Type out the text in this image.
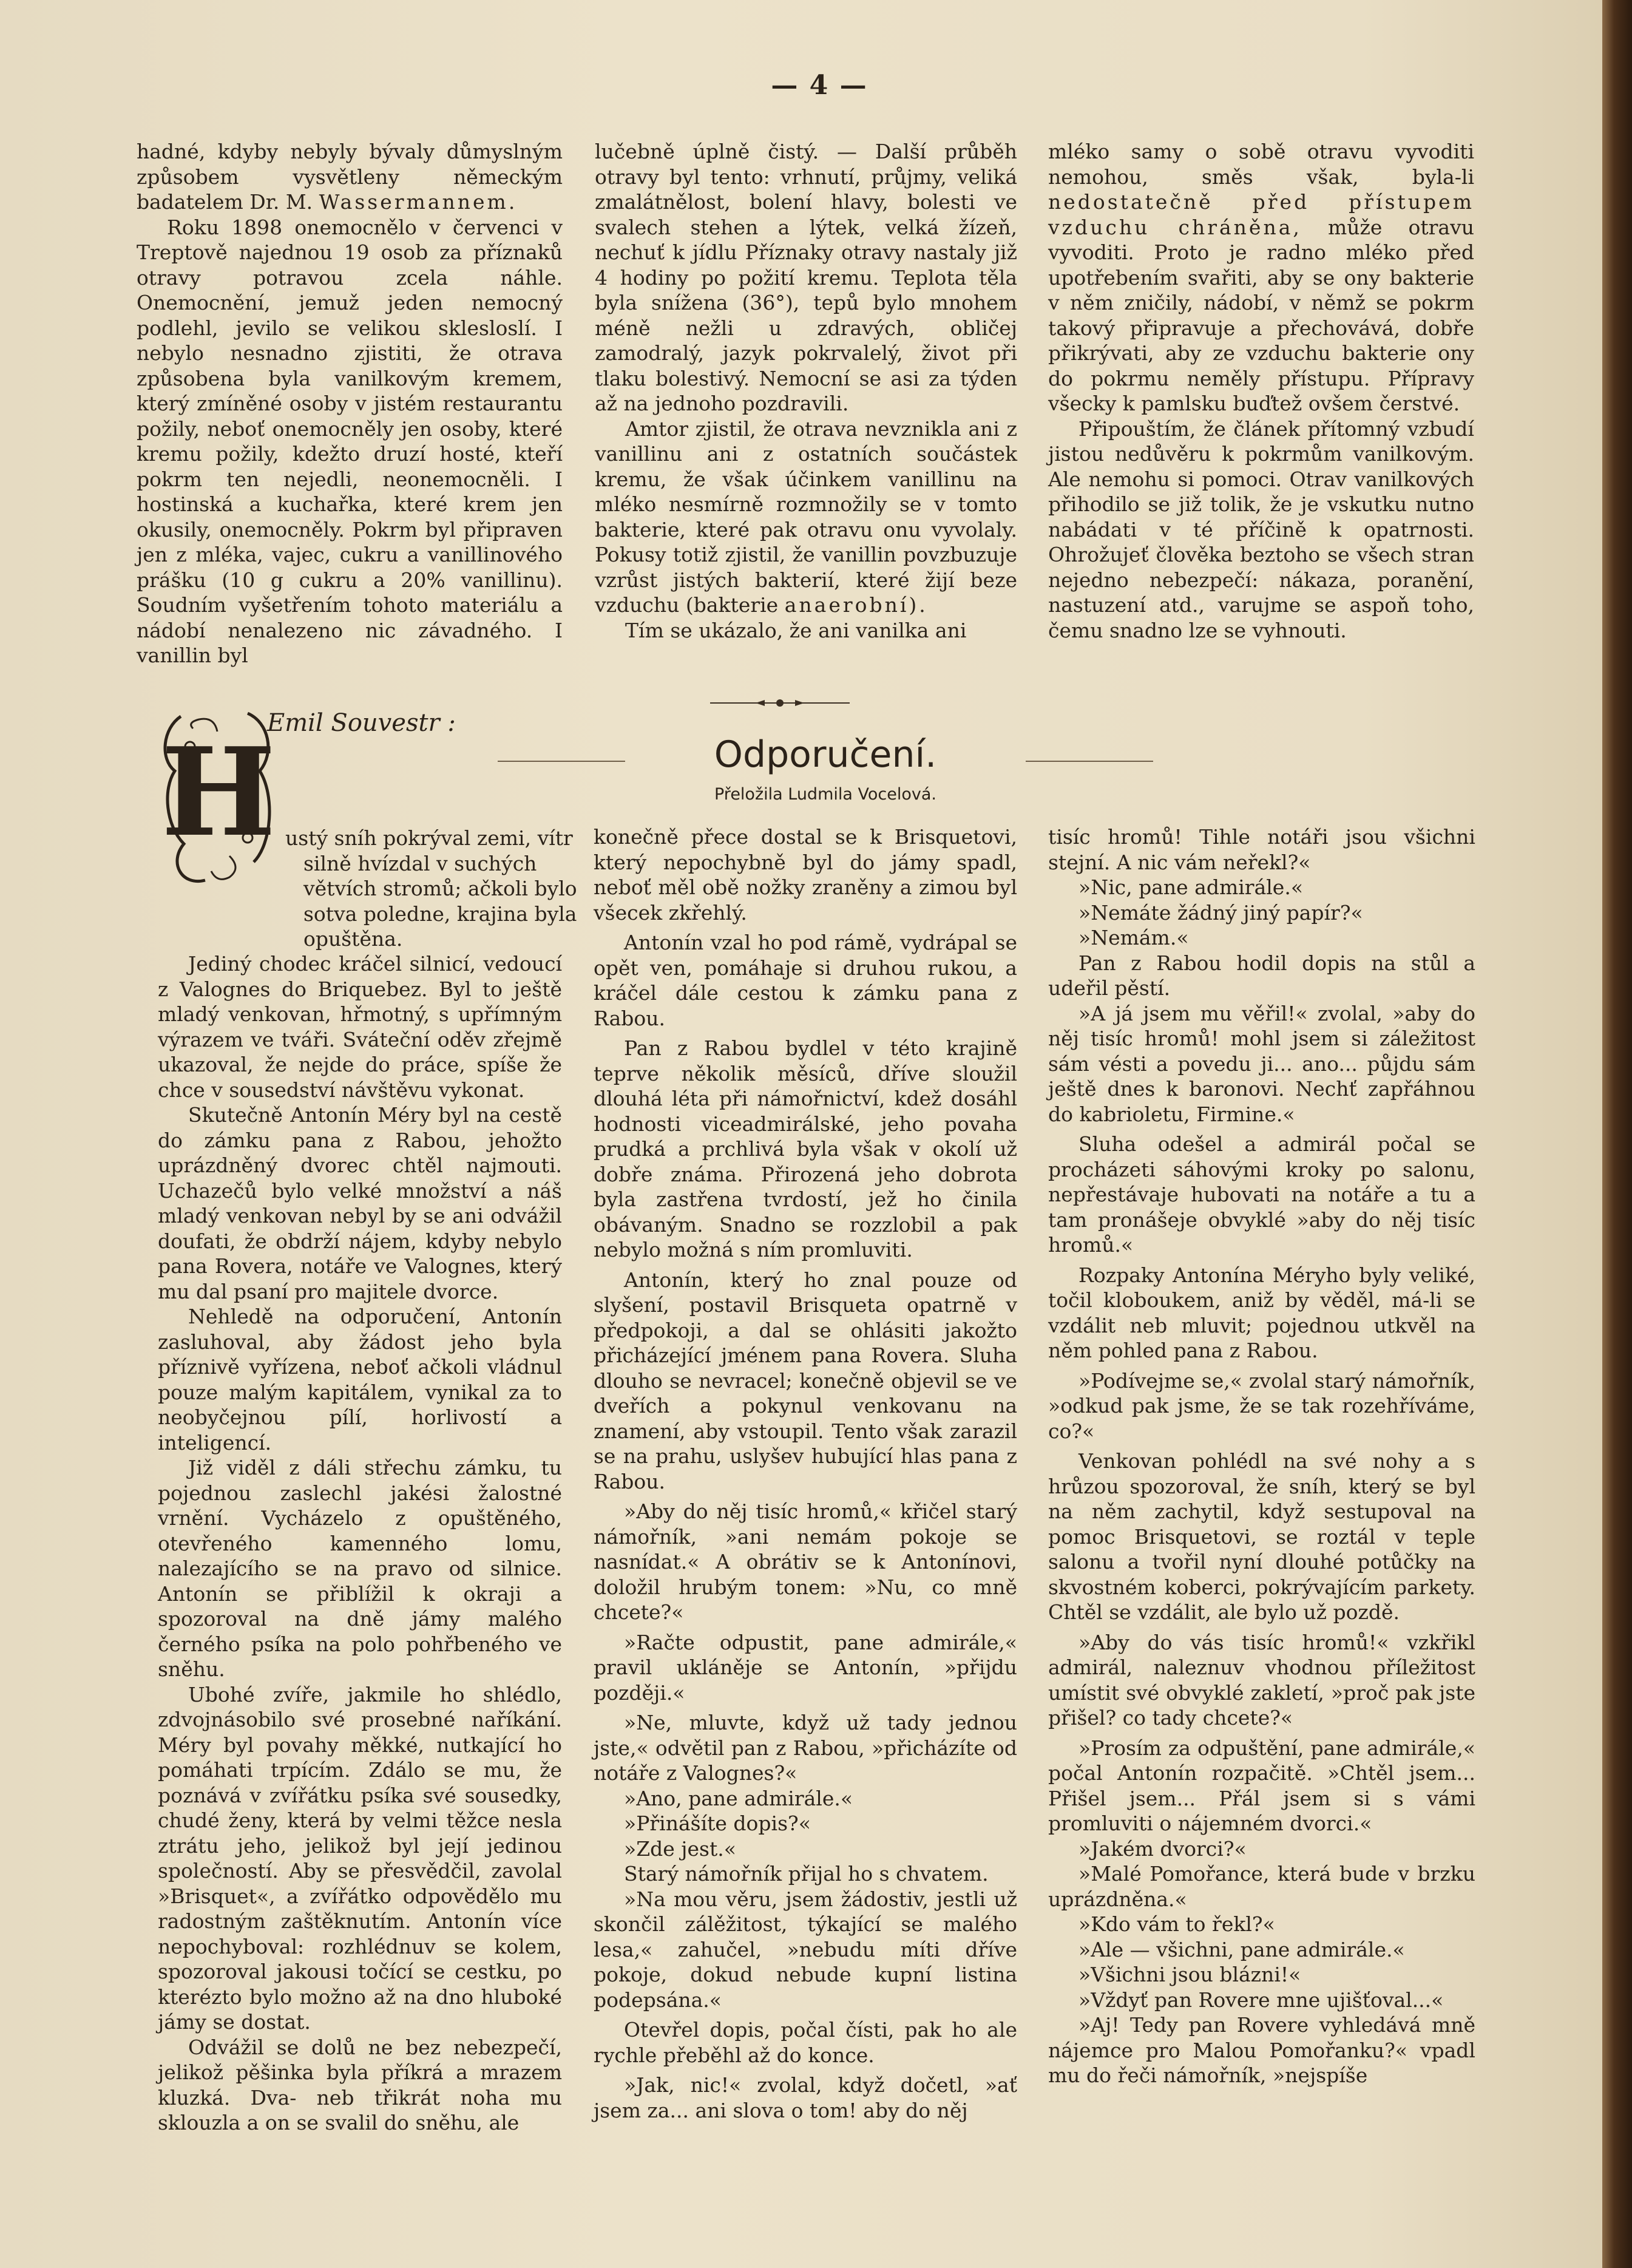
— 4 —

hadné, kdyby nebyly bývaly důmyslným způsobem vysvětleny německým badatelem Dr. M. Wassermannem.

Roku 1898 onemocnělo v červenci v Treptově najednou 19 osob za příznaků otravy potravou zcela náhle. Onemocnění, jemuž jeden nemocný podlehl, jevilo se velikou sklesloslí. I nebylo nesnadno zjistiti, že otrava způsobena byla vanilkovým kremem, který zmíněné osoby v jistém restaurantu požily, neboť onemocněly jen osoby, které kremu požily, kdežto druzí hosté, kteří pokrm ten nejedli, neonemocněli. I hostinská a kuchařka, které krem jen okusily, onemocněly. Pokrm byl připraven jen z mléka, vajec, cukru a vanillinového prášku (10 g cukru a 20% vanillinu). Soudním vyšetřením tohoto materiálu a nádobí nenalezeno nic závadného. I vanillin byl

lučebně úplně čistý. — Další průběh otravy byl tento: vrhnutí, průjmy, veliká zmalátnělost, bolení hlavy, bolesti ve svalech stehen a lýtek, velká žízeň, nechuť k jídlu Příznaky otravy nastaly již 4 hodiny po požití kremu. Teplota těla byla snížena (36°), tepů bylo mnohem méně nežli u zdravých, obličej zamodralý, jazyk pokrvalelý, život při tlaku bolestivý. Nemocní se asi za týden až na jednoho pozdravili.

Amtor zjistil, že otrava nevznikla ani z vanillinu ani z ostatních součástek kremu, že však účinkem vanillinu na mléko nesmírně rozmnožily se v tomto bakterie, které pak otravu onu vyvolaly. Pokusy totiž zjistil, že vanillin povzbuzuje vzrůst jistých bakterií, které žijí beze vzduchu (bakterie anaerobní).

Tím se ukázalo, že ani vanilka ani

mléko samy o sobě otravu vyvoditi nemohou, směs však, byla-li nedostatečně před přístupem vzduchu chráněna, může otravu vyvoditi. Proto je radno mléko před upotřebením svařiti, aby se ony bakterie v něm zničily, nádobí, v němž se pokrm takový připravuje a přechovává, dobře přikrývati, aby ze vzduchu bakterie ony do pokrmu neměly přístupu. Přípravy všecky k pamlsku buďtež ovšem čerstvé.

Připouštím, že článek přítomný vzbudí jistou nedůvěru k pokrmům vanilkovým. Ale nemohu si pomoci. Otrav vanilkových přihodilo se již tolik, že je vskutku nutno nabádati v té příčině k opatrnosti. Ohrožujeť člověka beztoho se všech stran nejedno nebezpečí: nákaza, poranění, nastuzení atd., varujme se aspoň toho, čemu snadno lze se vyhnouti.

Emil Souvestr :
Odporučení.
Přeložila Ludmila Vocelová.
H ustý sníh pokrýval zemi, vítr
silně hvízdal v suchých
větvích stromů; ačkoli bylo
sotva poledne, krajina byla
opuštěna.

Jediný chodec kráčel silnicí, vedoucí z Valognes do Briquebez. Byl to ještě mladý venkovan, hřmotný, s upřímným výrazem ve tváři. Sváteční oděv zřejmě ukazoval, že nejde do práce, spíše že chce v sousedství návštěvu vykonat.

Skutečně Antonín Méry byl na cestě do zámku pana z Rabou, jehožto uprázdněný dvorec chtěl najmouti. Uchazečů bylo velké množství a náš mladý venkovan nebyl by se ani odvážil doufati, že obdrží nájem, kdyby nebylo pana Rovera, notáře ve Valognes, který mu dal psaní pro majitele dvorce.

Nehledě na odporučení, Antonín zasluhoval, aby žádost jeho byla příznivě vyřízena, neboť ačkoli vládnul pouze malým kapitálem, vynikal za to neobyčejnou pílí, horlivostí a inteligencí.

Již viděl z dáli střechu zámku, tu pojednou zaslechl jakési žalostné vrnění. Vycházelo z opuštěného, otevřeného kamenného lomu, nalezajícího se na pravo od silnice. Antonín se přiblížil k okraji a spozoroval na dně jámy malého černého psíka na polo pohřbeného ve sněhu.

Ubohé zvíře, jakmile ho shlédlo, zdvojnásobilo své prosebné naříkání. Méry byl povahy měkké, nutkající ho pomáhati trpícím. Zdálo se mu, že poznává v zvířátku psíka své sousedky, chudé ženy, která by velmi těžce nesla ztrátu jeho, jelikož byl její jedinou společností. Aby se přesvědčil, zavolal »Brisquet«, a zvířátko odpovědělo mu radostným zaštěknutím. Antonín více nepochyboval: rozhlédnuv se kolem, spozoroval jakousi točící se cestku, po kterézto bylo možno až na dno hluboké jámy se dostat.

Odvážil se dolů ne bez nebezpečí, jelikož pěšinka byla příkrá a mrazem kluzká. Dva- neb třikrát noha mu sklouzla a on se svalil do sněhu, ale

konečně přece dostal se k Brisquetovi, který nepochybně byl do jámy spadl, neboť měl obě nožky zraněny a zimou byl všecek zkřehlý.

Antonín vzal ho pod rámě, vydrápal se opět ven, pomáhaje si druhou rukou, a kráčel dále cestou k zámku pana z Rabou.

Pan z Rabou bydlel v této krajině teprve několik měsíců, dříve sloužil dlouhá léta při námořnictví, kdež dosáhl hodnosti viceadmirálské, jeho povaha prudká a prchlivá byla však v okolí už dobře známa. Přirozená jeho dobrota byla zastřena tvrdostí, jež ho činila obávaným. Snadno se rozzlobil a pak nebylo možná s ním promluviti.

Antonín, který ho znal pouze od slyšení, postavil Brisqueta opatrně v předpokoji, a dal se ohlásiti jakožto přicházející jménem pana Rovera. Sluha dlouho se nevracel; konečně objevil se ve dveřích a pokynul venkovanu na znamení, aby vstoupil. Tento však zarazil se na prahu, uslyšev hubující hlas pana z Rabou.

»Aby do něj tisíc hromů,« křičel starý námořník, »ani nemám pokoje se nasnídat.« A obrátiv se k Antonínovi, doložil hrubým tonem: »Nu, co mně chcete?«

»Račte odpustit, pane admirále,« pravil ukláněje se Antonín, »přijdu později.«

»Ne, mluvte, když už tady jednou jste,« odvětil pan z Rabou, »přicházíte od notáře z Valognes?«

»Ano, pane admirále.«

»Přinášíte dopis?«

»Zde jest.«

Starý námořník přijal ho s chvatem.

»Na mou věru, jsem žádostiv, jestli už skončil zálěžitost, týkající se malého lesa,« zahučel, »nebudu míti dříve pokoje, dokud nebude kupní listina podepsána.«

Otevřel dopis, počal čísti, pak ho ale rychle přeběhl až do konce.

»Jak, nic!« zvolal, když dočetl, »ať jsem za... ani slova o tom! aby do něj

tisíc hromů! Tihle notáři jsou všichni stejní. A nic vám neřekl?«

»Nic, pane admirále.«

»Nemáte žádný jiný papír?«

»Nemám.«

Pan z Rabou hodil dopis na stůl a udeřil pěstí.

»A já jsem mu věřil!« zvolal, »aby do něj tisíc hromů! mohl jsem si záležitost sám vésti a povedu ji... ano... půjdu sám ještě dnes k baronovi. Nechť zapřáhnou do kabrioletu, Firmine.«

Sluha odešel a admirál počal se procházeti sáhovými kroky po salonu, nepřestávaje hubovati na notáře a tu a tam pronášeje obvyklé »aby do něj tisíc hromů.«

Rozpaky Antonína Méryho byly veliké, točil kloboukem, aniž by věděl, má-li se vzdálit neb mluvit; pojednou utkvěl na něm pohled pana z Rabou.

»Podívejme se,« zvolal starý námořník, »odkud pak jsme, že se tak rozehříváme, co?«

Venkovan pohlédl na své nohy a s hrůzou spozoroval, že sníh, který se byl na něm zachytil, když sestupoval na pomoc Brisquetovi, se roztál v teple salonu a tvořil nyní dlouhé potůčky na skvostném koberci, pokrývajícím parkety. Chtěl se vzdálit, ale bylo už pozdě.

»Aby do vás tisíc hromů!« vzkřikl admirál, naleznuv vhodnou příležitost umístit své obvyklé zakletí, »proč pak jste přišel? co tady chcete?«

»Prosím za odpuštění, pane admirále,« počal Antonín rozpačitě. »Chtěl jsem... Přišel jsem... Přál jsem si s vámi promluviti o nájemném dvorci.«

»Jakém dvorci?«

»Malé Pomořance, která bude v brzku uprázdněna.«

»Kdo vám to řekl?«

»Ale — všichni, pane admirále.«

»Všichni jsou blázni!«

»Vždyť pan Rovere mne ujišťoval...«

»Aj! Tedy pan Rovere vyhledává mně nájemce pro Malou Pomořanku?« vpadl mu do řeči námořník, »nejspíše
